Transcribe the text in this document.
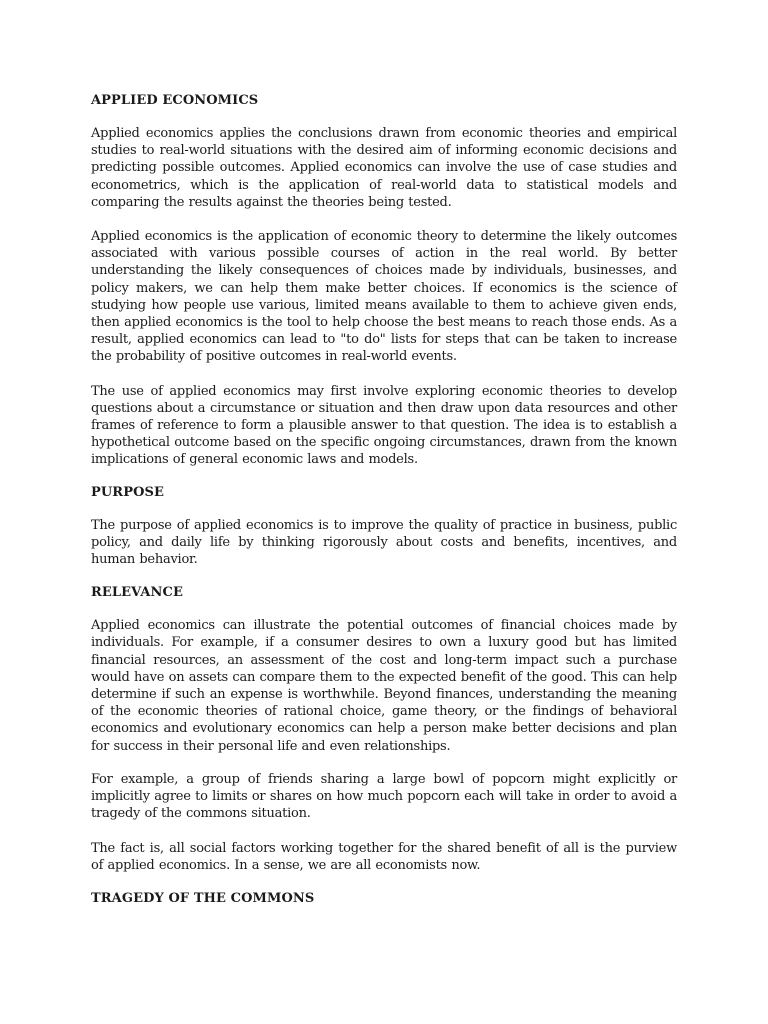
APPLIED ECONOMICS

Applied economics applies the conclusions drawn from economic theories and empirical studies to real-world situations with the desired aim of informing economic decisions and predicting possible outcomes. Applied economics can involve the use of case studies and econometrics, which is the application of real-world data to statistical models and comparing the results against the theories being tested.

Applied economics is the application of economic theory to determine the likely outcomes associated with various possible courses of action in the real world. By better understanding the likely consequences of choices made by individuals, businesses, and policy makers, we can help them make better choices. If economics is the science of studying how people use various, limited means available to them to achieve given ends, then applied economics is the tool to help choose the best means to reach those ends. As a result, applied economics can lead to "to do" lists for steps that can be taken to increase the probability of positive outcomes in real-world events.

The use of applied economics may first involve exploring economic theories to develop questions about a circumstance or situation and then draw upon data resources and other frames of reference to form a plausible answer to that question. The idea is to establish a hypothetical outcome based on the specific ongoing circumstances, drawn from the known implications of general economic laws and models.

PURPOSE

The purpose of applied economics is to improve the quality of practice in business, public policy, and daily life by thinking rigorously about costs and benefits, incentives, and human behavior.

RELEVANCE

Applied economics can illustrate the potential outcomes of financial choices made by individuals. For example, if a consumer desires to own a luxury good but has limited financial resources, an assessment of the cost and long-term impact such a purchase would have on assets can compare them to the expected benefit of the good. This can help determine if such an expense is worthwhile. Beyond finances, understanding the meaning of the economic theories of rational choice, game theory, or the findings of behavioral economics and evolutionary economics can help a person make better decisions and plan for success in their personal life and even relationships.

For example, a group of friends sharing a large bowl of popcorn might explicitly or implicitly agree to limits or shares on how much popcorn each will take in order to avoid a tragedy of the commons situation.

The fact is, all social factors working together for the shared benefit of all is the purview of applied economics. In a sense, we are all economists now.

TRAGEDY OF THE COMMONS
